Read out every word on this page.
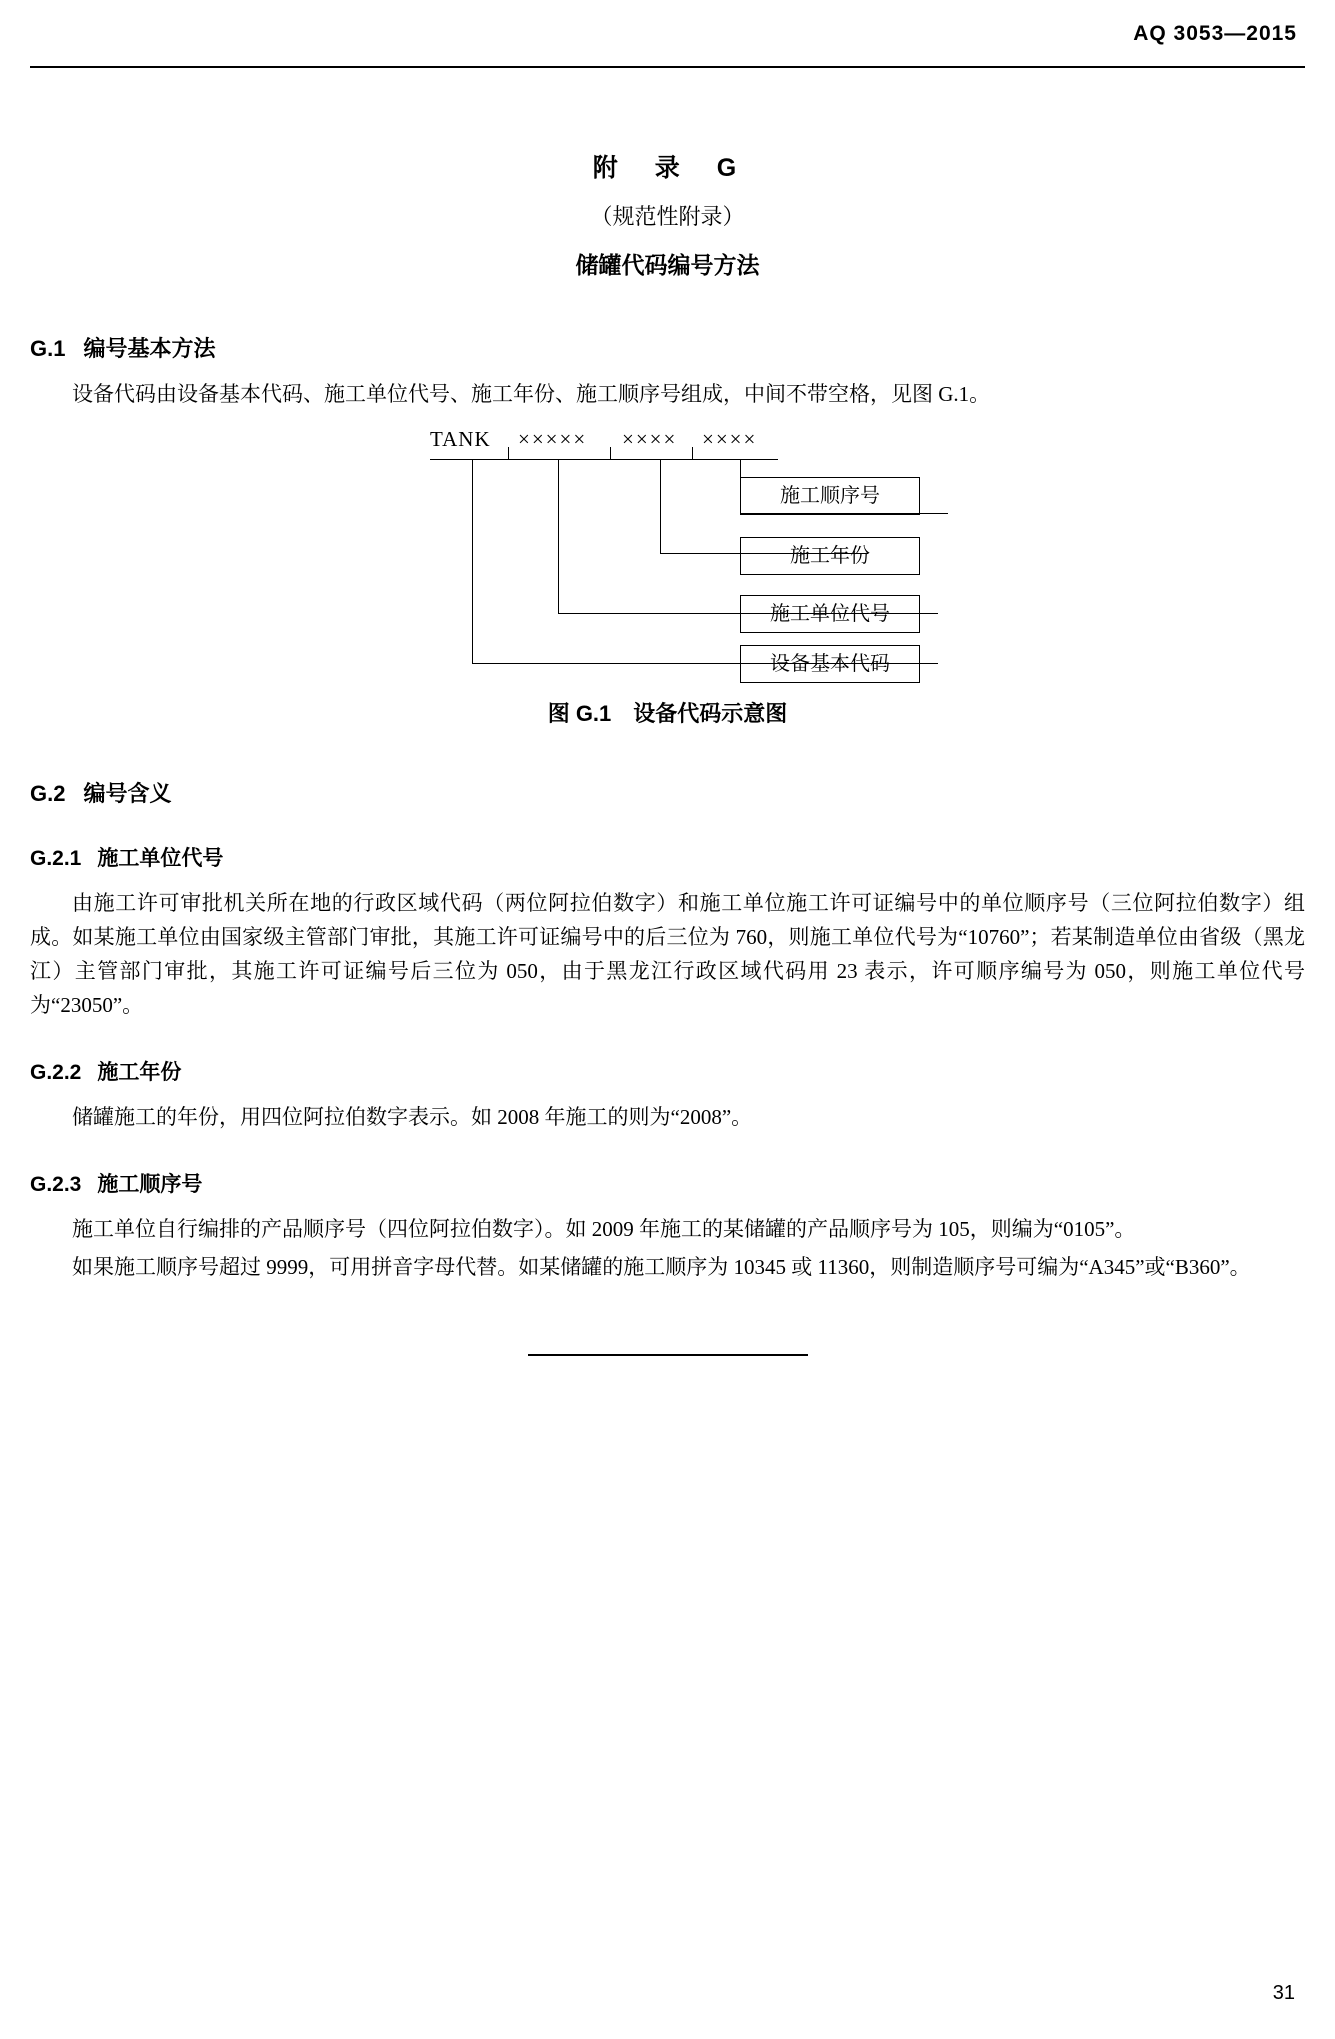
AQ 3053—2015
附　录　G
（规范性附录）
储罐代码编号方法
G.1 编号基本方法

设备代码由设备基本代码、施工单位代号、施工年份、施工顺序号组成，中间不带空格，见图 G.1。

TANK ××××× ×××× ××××
施工顺序号
施工年份
施工单位代号
设备基本代码
图 G.1　设备代码示意图
G.2 编号含义
G.2.1 施工单位代号

由施工许可审批机关所在地的行政区域代码（两位阿拉伯数字）和施工单位施工许可证编号中的单位顺序号（三位阿拉伯数字）组成。如某施工单位由国家级主管部门审批，其施工许可证编号中的后三位为 760，则施工单位代号为“10760”；若某制造单位由省级（黑龙江）主管部门审批，其施工许可证编号后三位为 050，由于黑龙江行政区域代码用 23 表示，许可顺序编号为 050，则施工单位代号为“23050”。

G.2.2 施工年份

储罐施工的年份，用四位阿拉伯数字表示。如 2008 年施工的则为“2008”。

G.2.3 施工顺序号

施工单位自行编排的产品顺序号（四位阿拉伯数字）。如 2009 年施工的某储罐的产品顺序号为 105，则编为“0105”。

如果施工顺序号超过 9999，可用拼音字母代替。如某储罐的施工顺序为 10345 或 11360，则制造顺序号可编为“A345”或“B360”。

31
